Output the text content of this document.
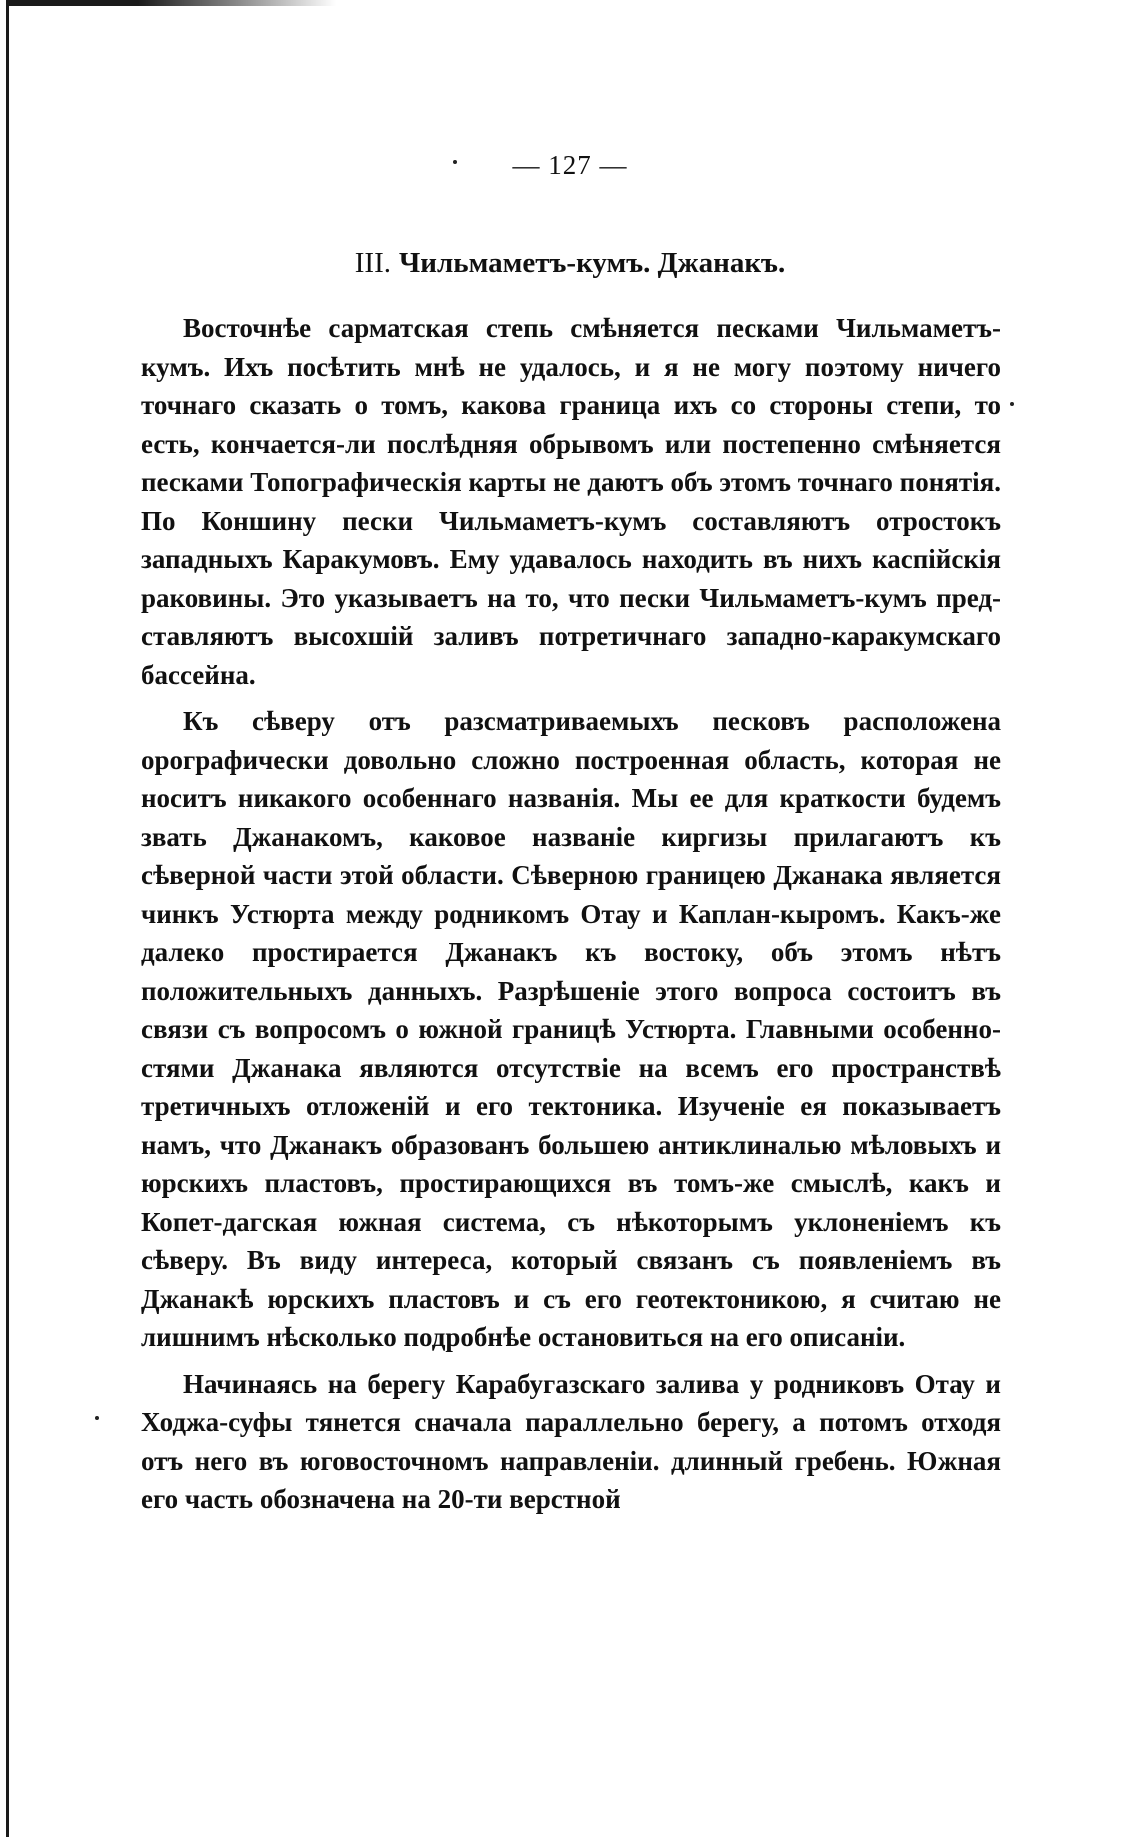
— 127 —
III. Чильмаметъ-кумъ. Джанакъ.

Восточнѣе сарматская степь смѣняется песками Чильмаметъ-кумъ. Ихъ посѣтить мнѣ не удалось, и я не могу поэтому ничего точнаго сказать о томъ, какова граница ихъ со стороны степи, то есть, кончается-ли послѣдняя обрывомъ или постепенно смѣняется песками Топографическія карты не даютъ объ этомъ точнаго понятія. По Коншину пески Чильмаметъ-кумъ составляютъ отростокъ западныхъ Каракумовъ. Ему удавалось находить въ нихъ каспійскія раковины. Это указываетъ на то, что пески Чильмаметъ-кумъ представляютъ высохшій заливъ потретичнаго западно-каракумскаго бассейна.

Къ сѣверу отъ разсматриваемыхъ песковъ расположена орографически довольно сложно построенная область, которая не носитъ никакого особеннаго названія. Мы ее для краткости будемъ звать Джанакомъ, каковое названіе киргизы прилагаютъ къ сѣверной части этой области. Сѣверною границею Джанака является чинкъ Устюрта между родникомъ Отау и Каплан-кыромъ. Какъ-же далеко простирается Джанакъ къ востоку, объ этомъ нѣтъ положительныхъ данныхъ. Разрѣшеніе этого вопроса состоитъ въ связи съ вопросомъ о южной границѣ Устюрта. Главными особенностями Джанака являются отсутствіе на всемъ его пространствѣ третичныхъ отложеній и его тектоника. Изученіе ея показываетъ намъ, что Джанакъ образованъ большею антиклиналью мѣловыхъ и юрскихъ пластовъ, простирающихся въ томъ-же смыслѣ, какъ и Копет-дагская южная система, съ нѣкоторымъ уклоненіемъ къ сѣверу. Въ виду интереса, который связанъ съ появленіемъ въ Джанакѣ юрскихъ пластовъ и съ его геотектоникою, я считаю не лишнимъ нѣсколько подробнѣе остановиться на его описаніи.

Начинаясь на берегу Карабугазскаго залива у родниковъ Отау и Ходжа-суфы тянется сначала параллельно берегу, а потомъ отходя отъ него въ юговосточномъ направленіи. длинный гребень. Южная его часть обозначена на 20-ти верстной
